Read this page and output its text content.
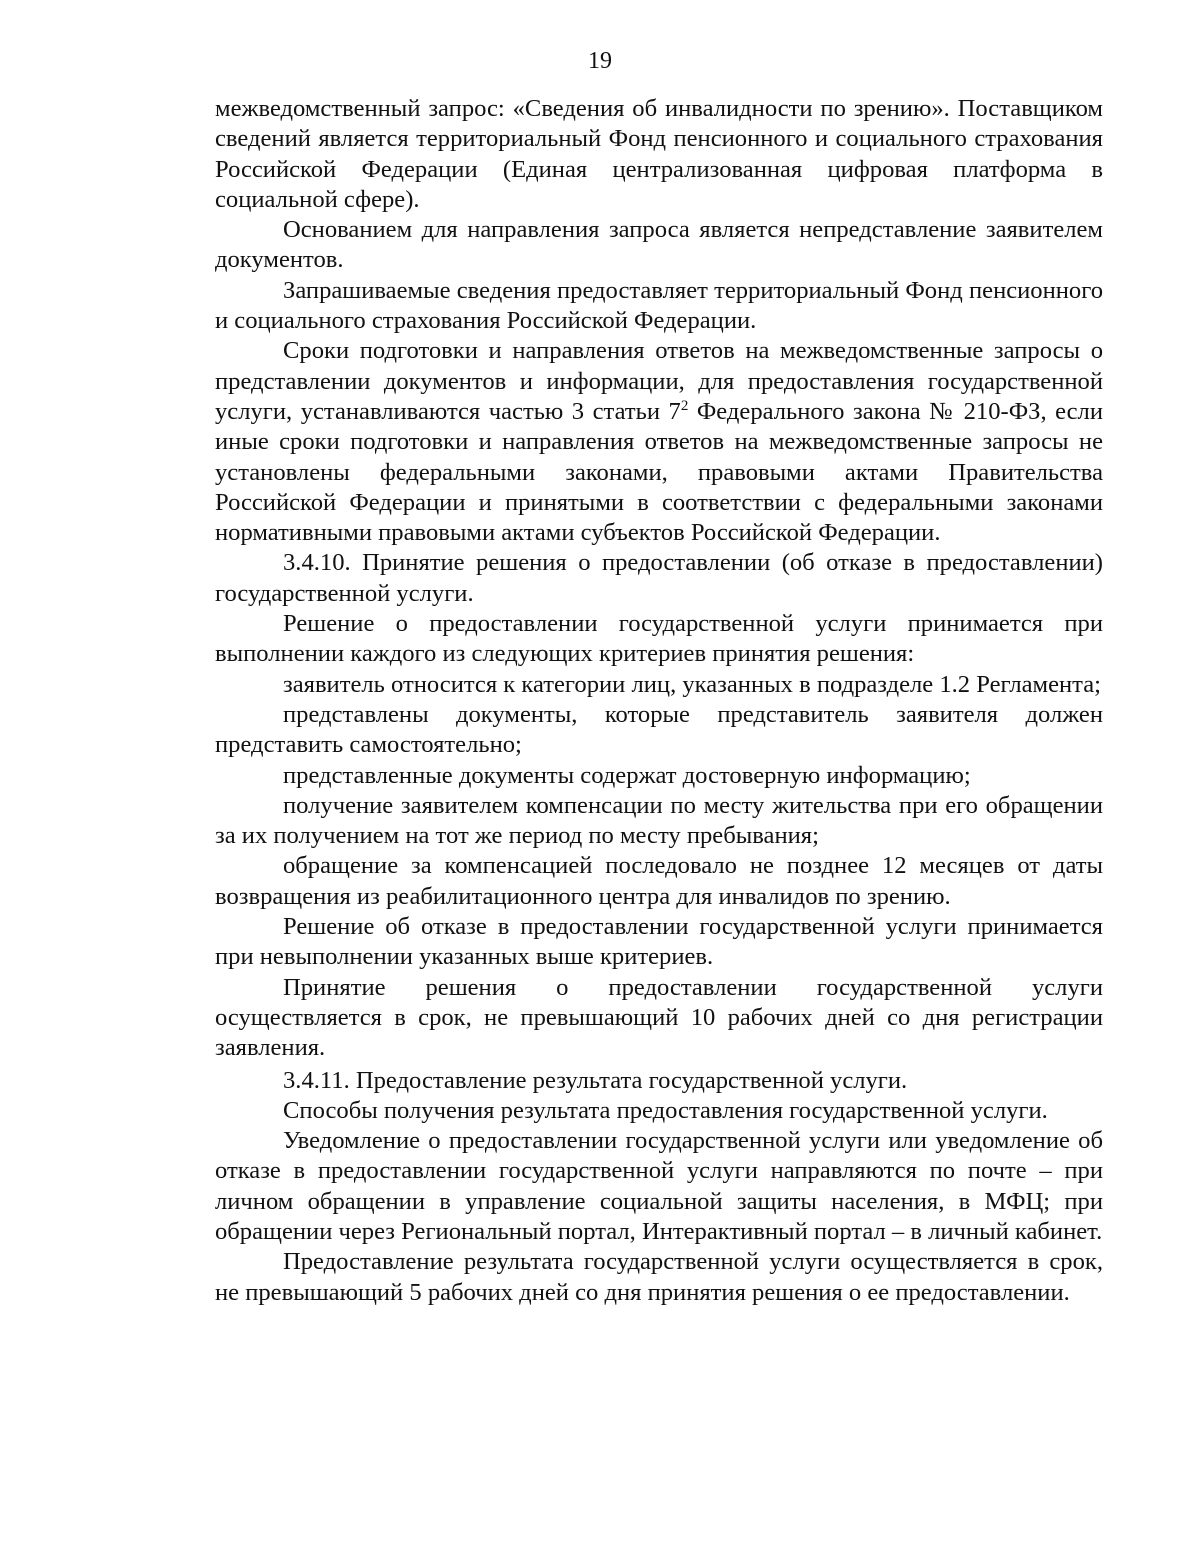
19

межведомственный запрос: «Сведения об инвалидности по зрению». Поставщиком сведений является территориальный Фонд пенсионного и социального страхования Российской Федерации (Единая централизованная цифровая платформа в социальной сфере).

Основанием для направления запроса является непредставление заявителем документов.

Запрашиваемые сведения предоставляет территориальный Фонд пенсионного и социального страхования Российской Федерации.

Сроки подготовки и направления ответов на межведомственные запросы о представлении документов и информации, для предоставления государственной услуги, устанавливаются частью 3 статьи $7^2$ Федерального закона № 210-ФЗ, если иные сроки подготовки и направления ответов на межведомственные запросы не установлены федеральными законами, правовыми актами Правительства Российской Федерации и принятыми в соответствии с федеральными законами нормативными правовыми актами субъектов Российской Федерации.

3.4.10. Принятие решения о предоставлении (об отказе в предоставлении) государственной услуги.

Решение о предоставлении государственной услуги принимается при выполнении каждого из следующих критериев принятия решения:

заявитель относится к категории лиц, указанных в подразделе 1.2 Регламента;

представлены документы, которые представитель заявителя должен представить самостоятельно;

представленные документы содержат достоверную информацию;

получение заявителем компенсации по месту жительства при его обращении за их получением на тот же период по месту пребывания;

обращение за компенсацией последовало не позднее 12 месяцев от даты возвращения из реабилитационного центра для инвалидов по зрению.

Решение об отказе в предоставлении государственной услуги принимается при невыполнении указанных выше критериев.

Принятие решения о предоставлении государственной услуги осуществляется в срок, не превышающий 10 рабочих дней со дня регистрации заявления.

3.4.11. Предоставление результата государственной услуги.

Способы получения результата предоставления государственной услуги.

Уведомление о предоставлении государственной услуги или уведомление об отказе в предоставлении государственной услуги направляются по почте – при личном обращении в управление социальной защиты населения, в МФЦ; при обращении через Региональный портал, Интерактивный портал – в личный кабинет.

Предоставление результата государственной услуги осуществляется в срок, не превышающий 5 рабочих дней со дня принятия решения о ее предоставлении.
